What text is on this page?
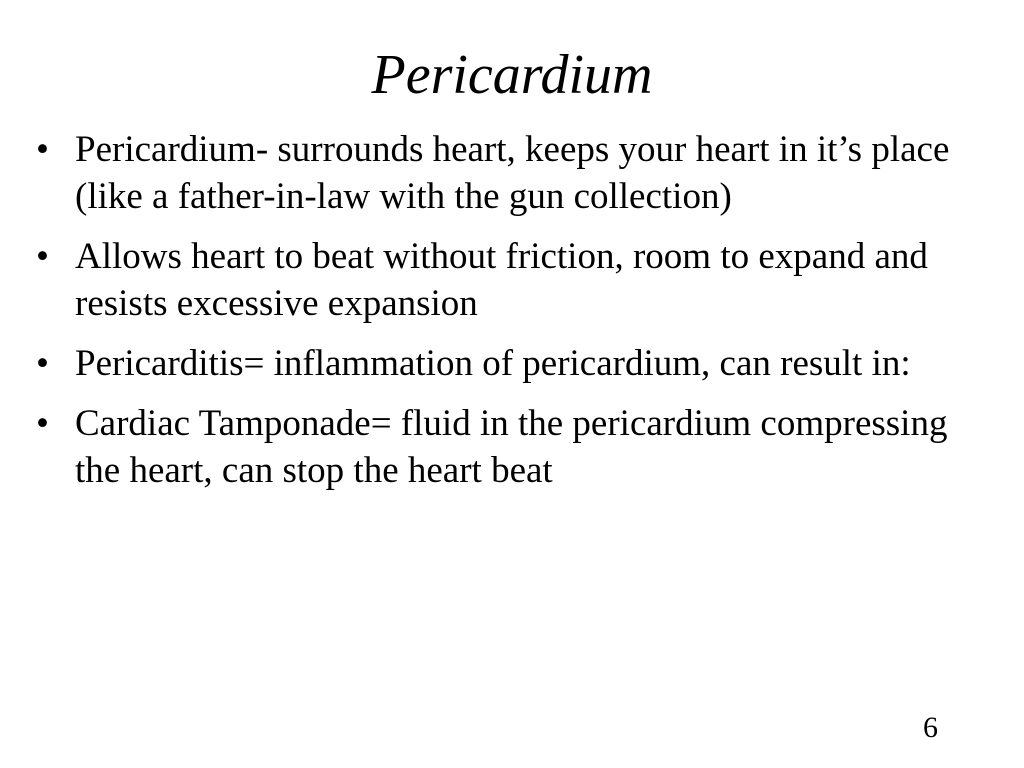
Pericardium
• Pericardium- surrounds heart, keeps your heart in it’s place (like a father-in-law with the gun collection)
• Allows heart to beat without friction, room to expand and resists excessive expansion
• Pericarditis= inflammation of pericardium, can result in:
• Cardiac Tamponade= fluid in the pericardium compressing the heart, can stop the heart beat
6
